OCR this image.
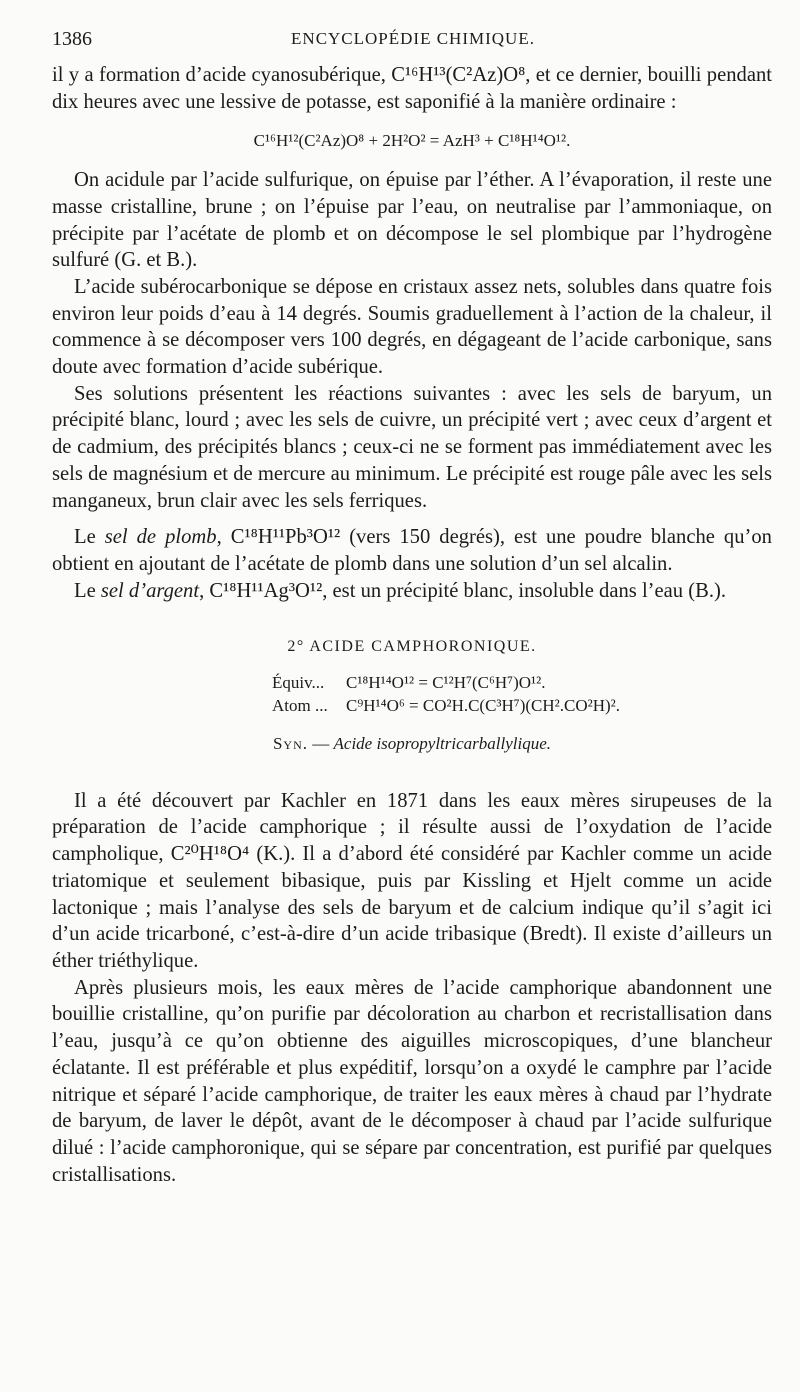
1386	ENCYCLOPÉDIE CHIMIQUE.

il y a formation d’acide cyanosubérique, C¹⁶H¹³(C²Az)O⁸, et ce dernier, bouilli pendant dix heures avec une lessive de potasse, est saponifié à la manière ordinaire :

C¹⁶H¹²(C²Az)O⁸ + 2H²O² = AzH³ + C¹⁸H¹⁴O¹².

On acidule par l’acide sulfurique, on épuise par l’éther. A l’évaporation, il reste une masse cristalline, brune ; on l’épuise par l’eau, on neutralise par l’ammoniaque, on précipite par l’acétate de plomb et on décompose le sel plombique par l’hydrogène sulfuré (G. et B.).

L’acide subérocarbonique se dépose en cristaux assez nets, solubles dans quatre fois environ leur poids d’eau à 14 degrés. Soumis graduellement à l’action de la chaleur, il commence à se décomposer vers 100 degrés, en dégageant de l’acide carbonique, sans doute avec formation d’acide subérique.

Ses solutions présentent les réactions suivantes : avec les sels de baryum, un précipité blanc, lourd ; avec les sels de cuivre, un précipité vert ; avec ceux d’argent et de cadmium, des précipités blancs ; ceux-ci ne se forment pas immédiatement avec les sels de magnésium et de mercure au minimum. Le précipité est rouge pâle avec les sels manganeux, brun clair avec les sels ferriques.

Le sel de plomb, C¹⁸H¹¹Pb³O¹² (vers 150 degrés), est une poudre blanche qu’on obtient en ajoutant de l’acétate de plomb dans une solution d’un sel alcalin.

Le sel d’argent, C¹⁸H¹¹Ag³O¹², est un précipité blanc, insoluble dans l’eau (B.).

2° ACIDE CAMPHORONIQUE.
Équiv... C¹⁸H¹⁴O¹² = C¹²H⁷(C⁶H⁷)O¹².
Atom ... C⁹H¹⁴O⁶ = CO²H.C(C³H⁷)(CH².CO²H)².
Syn. — Acide isopropyltricarballylique.

Il a été découvert par Kachler en 1871 dans les eaux mères sirupeuses de la préparation de l’acide camphorique ; il résulte aussi de l’oxydation de l’acide campholique, C²⁰H¹⁸O⁴ (K.). Il a d’abord été considéré par Kachler comme un acide triatomique et seulement bibasique, puis par Kissling et Hjelt comme un acide lactonique ; mais l’analyse des sels de baryum et de calcium indique qu’il s’agit ici d’un acide tricarboné, c’est-à-dire d’un acide tribasique (Bredt). Il existe d’ailleurs un éther triéthylique.

Après plusieurs mois, les eaux mères de l’acide camphorique abandonnent une bouillie cristalline, qu’on purifie par décoloration au charbon et recristallisation dans l’eau, jusqu’à ce qu’on obtienne des aiguilles microscopiques, d’une blancheur éclatante. Il est préférable et plus expéditif, lorsqu’on a oxydé le camphre par l’acide nitrique et séparé l’acide camphorique, de traiter les eaux mères à chaud par l’hydrate de baryum, de laver le dépôt, avant de le décomposer à chaud par l’acide sulfurique dilué : l’acide camphoronique, qui se sépare par concentration, est purifié par quelques cristallisations.
